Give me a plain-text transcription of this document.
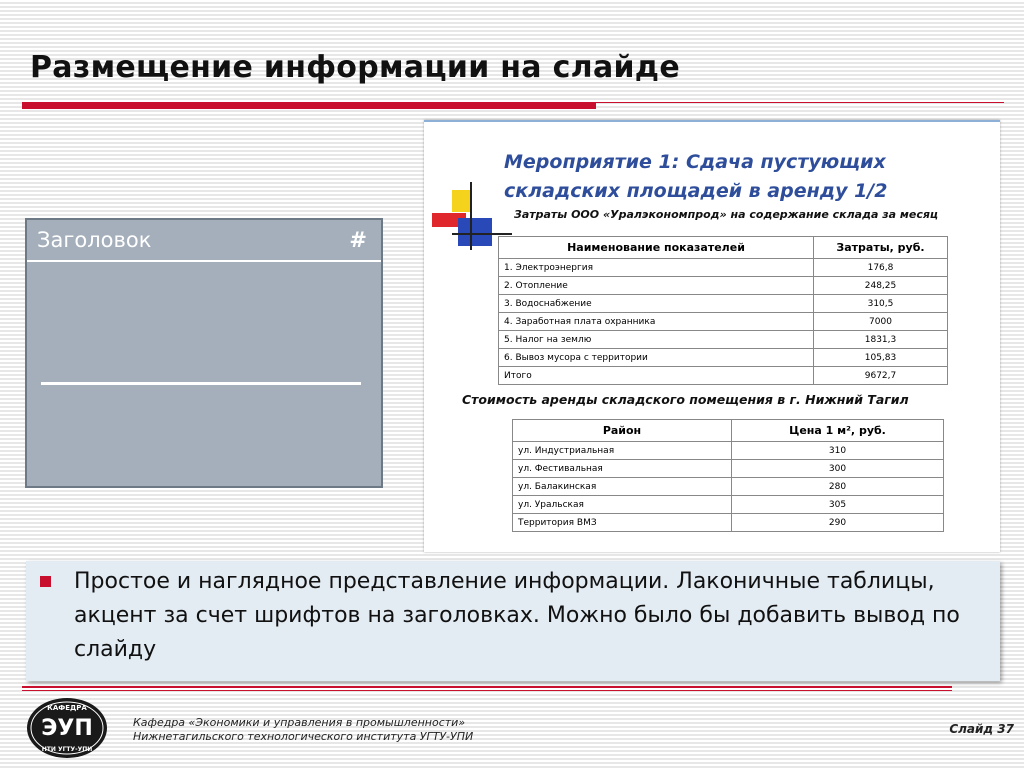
Размещение информации на слайде
Заголовок	#
Мероприятие 1: Сдача пустующих
складских площадей в аренду 1/2
Затраты ООО «Уралэкономпрод» на содержание склада за месяц
Наименование показателей	Затраты, руб.
1. Электроэнергия	176,8
2. Отопление	248,25
3. Водоснабжение	310,5
4. Заработная плата охранника	7000
5. Налог на землю	1831,3
6. Вывоз мусора с территории	105,83
Итого	9672,7
Стоимость аренды складского помещения в г. Нижний Тагил
Район	Цена 1 м², руб.
ул. Индустриальная	310
ул. Фестивальная	300
ул. Балакинская	280
ул. Уральская	305
Территория ВМЗ	290

Простое и наглядное представление информации. Лаконичные таблицы, акцент за счет шрифтов на заголовках. Можно было бы добавить вывод по слайду

КАФЕДРА
ЭУП
НТИ УГТУ-УПИ
Кафедра «Экономики и управления в промышленности»
Нижнетагильского технологического института УГТУ-УПИ
Слайд 37
